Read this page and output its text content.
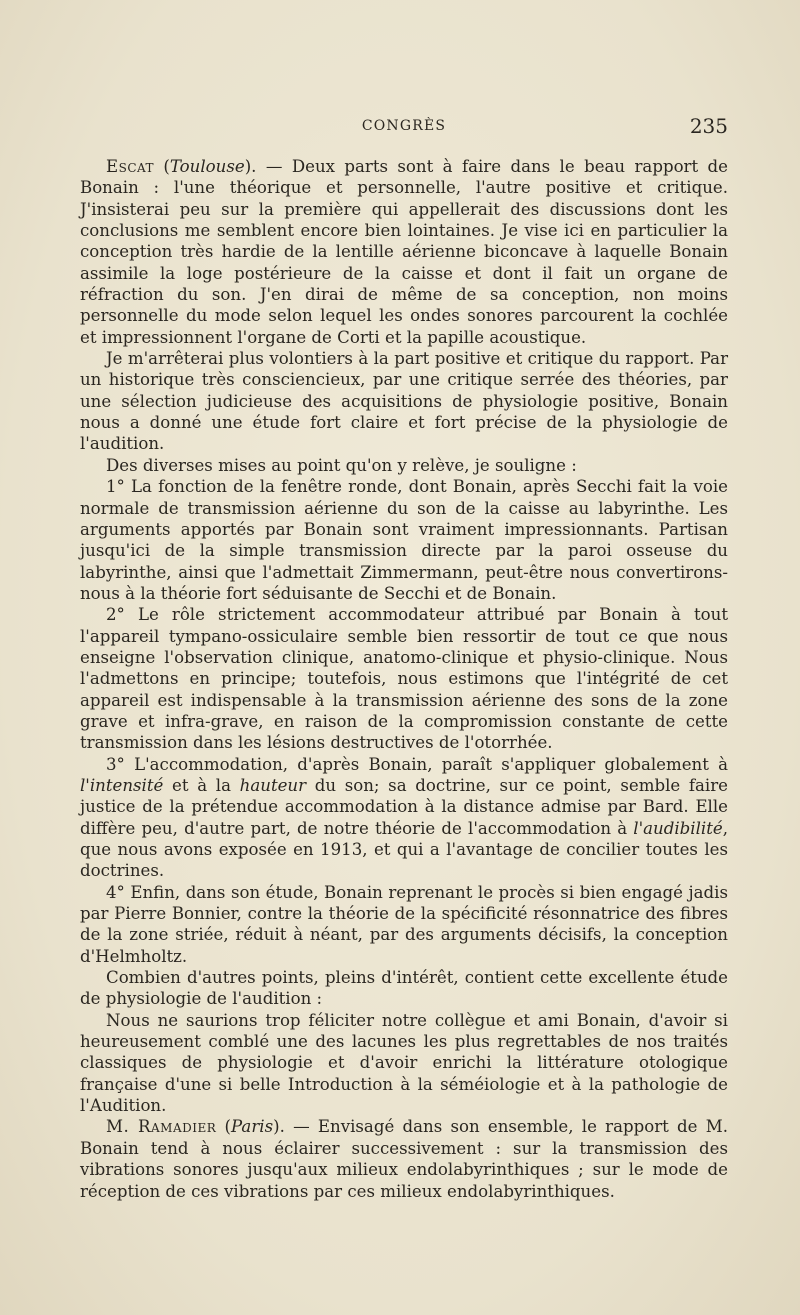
CONGRÈS	235

Escat (Toulouse). — Deux parts sont à faire dans le beau rapport de Bonain : l'une théorique et personnelle, l'autre positive et critique. J'insisterai peu sur la première qui appellerait des discussions dont les conclusions me semblent encore bien lointaines. Je vise ici en particulier la conception très hardie de la lentille aérienne biconcave à laquelle Bonain assimile la loge postérieure de la caisse et dont il fait un organe de réfraction du son. J'en dirai de même de sa conception, non moins personnelle du mode selon lequel les ondes sonores parcourent la cochlée et impressionnent l'organe de Corti et la papille acoustique.

Je m'arrêterai plus volontiers à la part positive et critique du rapport. Par un historique très consciencieux, par une critique serrée des théories, par une sélection judicieuse des acquisitions de physiologie positive, Bonain nous a donné une étude fort claire et fort précise de la physiologie de l'audition.

Des diverses mises au point qu'on y relève, je souligne :

1° La fonction de la fenêtre ronde, dont Bonain, après Secchi fait la voie normale de transmission aérienne du son de la caisse au labyrinthe. Les arguments apportés par Bonain sont vraiment impressionnants. Partisan jusqu'ici de la simple transmission directe par la paroi osseuse du labyrinthe, ainsi que l'admettait Zimmermann, peut-être nous convertirons-nous à la théorie fort séduisante de Secchi et de Bonain.

2° Le rôle strictement accommodateur attribué par Bonain à tout l'appareil tympano-ossiculaire semble bien ressortir de tout ce que nous enseigne l'observation clinique, anatomo-clinique et physio-clinique. Nous l'admettons en principe; toutefois, nous estimons que l'intégrité de cet appareil est indispensable à la transmission aérienne des sons de la zone grave et infra-grave, en raison de la compromission constante de cette transmission dans les lésions destructives de l'otorrhée.

3° L'accommodation, d'après Bonain, paraît s'appliquer globalement à l'intensité et à la hauteur du son; sa doctrine, sur ce point, semble faire justice de la prétendue accommodation à la distance admise par Bard. Elle diffère peu, d'autre part, de notre théorie de l'accommodation à l'audibilité, que nous avons exposée en 1913, et qui a l'avantage de concilier toutes les doctrines.

4° Enfin, dans son étude, Bonain reprenant le procès si bien engagé jadis par Pierre Bonnier, contre la théorie de la spécificité résonnatrice des fibres de la zone striée, réduit à néant, par des arguments décisifs, la conception d'Helmholtz.

Combien d'autres points, pleins d'intérêt, contient cette excellente étude de physiologie de l'audition :

Nous ne saurions trop féliciter notre collègue et ami Bonain, d'avoir si heureusement comblé une des lacunes les plus regrettables de nos traités classiques de physiologie et d'avoir enrichi la littérature otologique française d'une si belle Introduction à la séméiologie et à la pathologie de l'Audition.

M. Ramadier (Paris). — Envisagé dans son ensemble, le rapport de M. Bonain tend à nous éclairer successivement : sur la transmission des vibrations sonores jusqu'aux milieux endolabyrinthiques ; sur le mode de réception de ces vibrations par ces milieux endolabyrinthiques.
